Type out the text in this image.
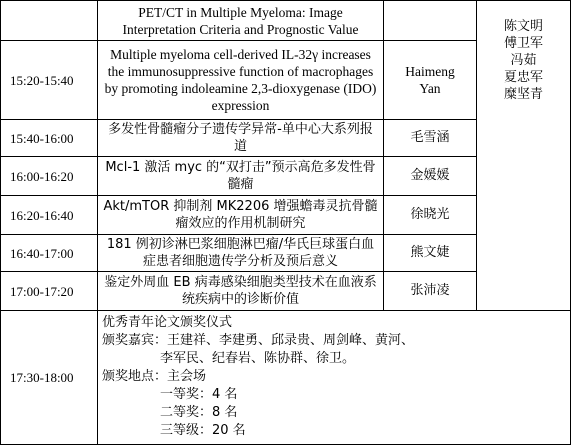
PET/CT in Multiple Myeloma: Image Interpretation Criteria and Prognostic Value
15:20-15:40
Multiple myeloma cell-derived IL-32γ increases the immunosuppressive function of macrophages by promoting indoleamine 2,3-dioxygenase (IDO) expression
Haimeng Yan
15:40-16:00
多发性骨髓瘤分子遗传学异常-单中心大系列报道
毛雪涵
16:00-16:20
Mcl-1 激活 myc 的“双打击”预示高危多发性骨髓瘤
金媛媛
16:20-16:40
Akt/mTOR 抑制剂 MK2206 增强蟾毒灵抗骨髓瘤效应的作用机制研究
徐晓光
16:40-17:00
181 例初诊淋巴浆细胞淋巴瘤/华氏巨球蛋白血症患者细胞遗传学分析及预后意义
熊文婕
17:00-17:20
鉴定外周血 EB 病毒感染细胞类型技术在血液系统疾病中的诊断价值
张沛凌
陈文明
傅卫军
冯茹
夏忠军
糜坚青
17:30-18:00
优秀青年论文颁奖仪式
颁奖嘉宾：王建祥、李建勇、邱录贵、周剑峰、黄河、
李军民、纪春岩、陈协群、徐卫。
颁奖地点：主会场
一等奖：4 名
二等奖：8 名
三等级：20 名
